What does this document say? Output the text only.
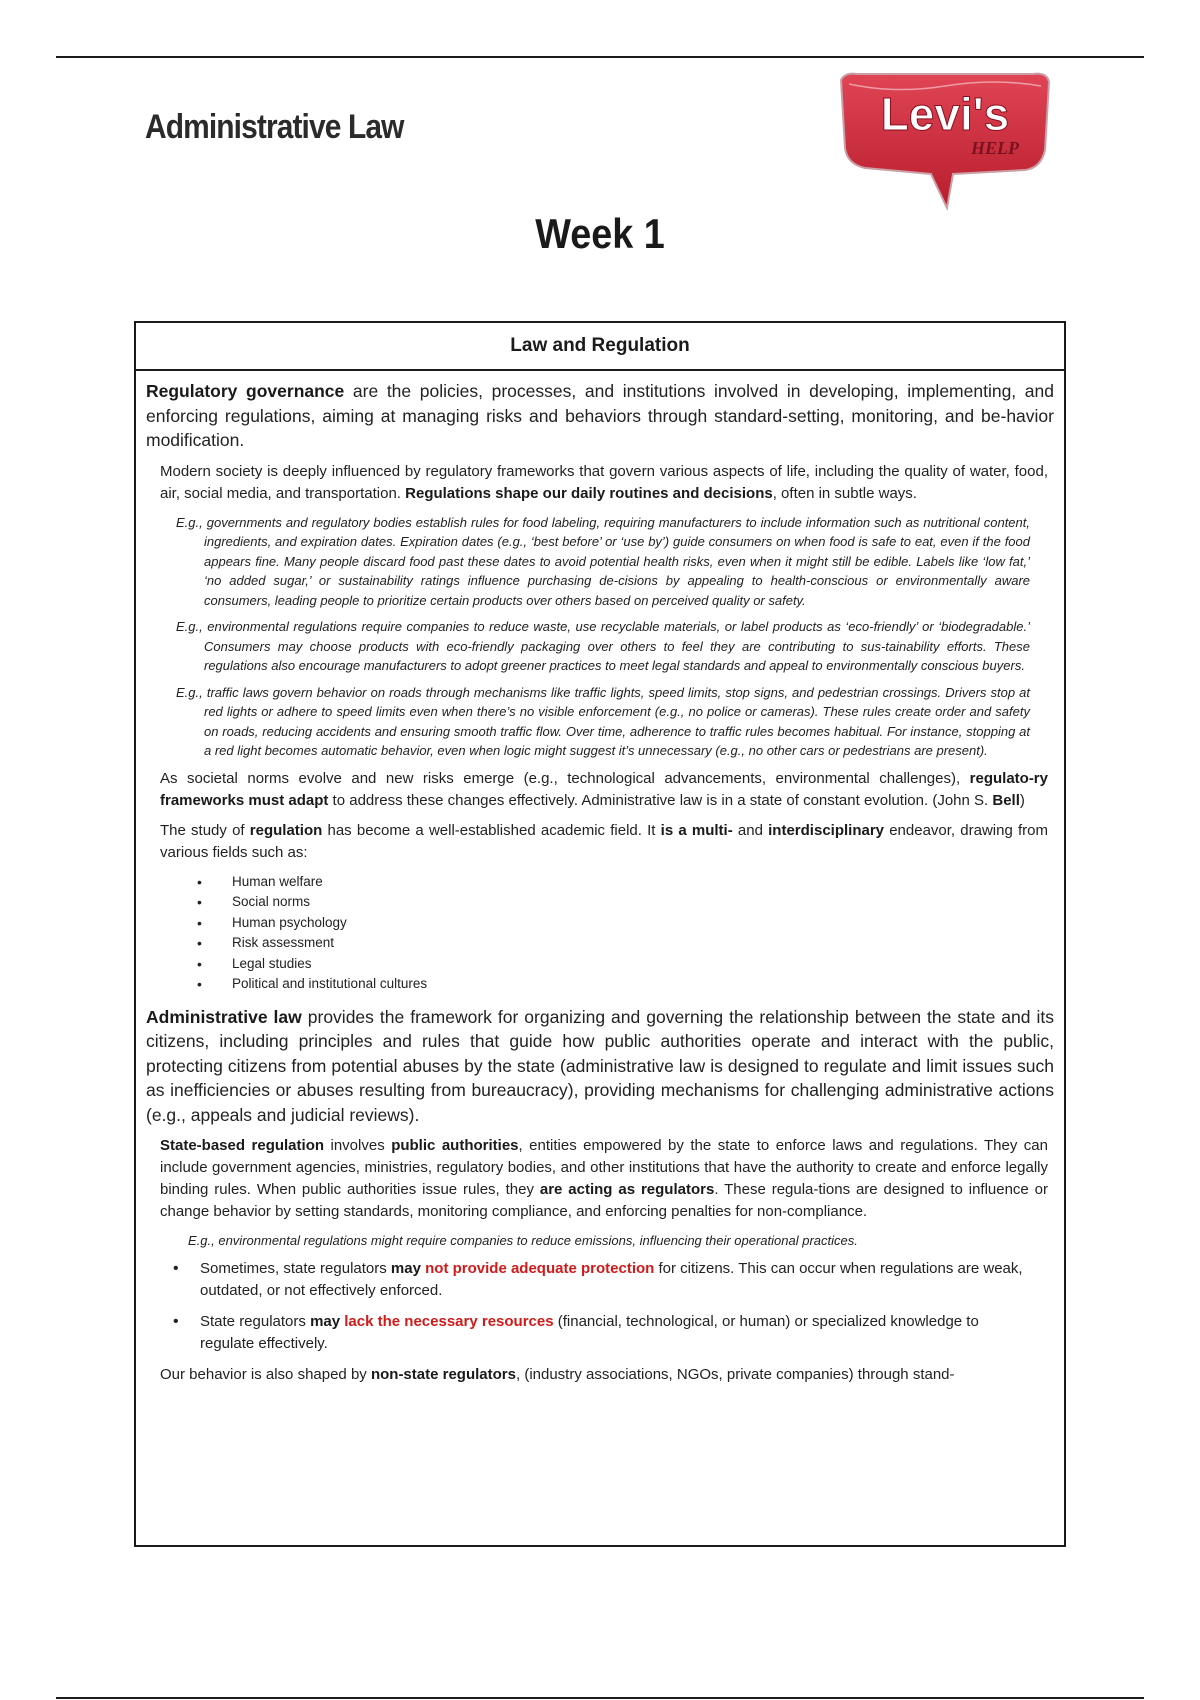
Administrative Law	Levi's
HELP
Week 1
Law and Regulation

Regulatory governance are the policies, processes, and institutions involved in developing, implementing, and enforcing regulations, aiming at managing risks and behaviors through standard-setting, monitoring, and be-havior modification.

Modern society is deeply influenced by regulatory frameworks that govern various aspects of life, including the quality of water, food, air, social media, and transportation. Regulations shape our daily routines and decisions, often in subtle ways.

E.g., governments and regulatory bodies establish rules for food labeling, requiring manufacturers to include information such as nutritional content, ingredients, and expiration dates. Expiration dates (e.g., ‘best before’ or ‘use by’) guide consumers on when food is safe to eat, even if the food appears fine. Many people discard food past these dates to avoid potential health risks, even when it might still be edible. Labels like ‘low fat,’ ‘no added sugar,’ or sustainability ratings influence purchasing de-cisions by appealing to health-conscious or environmentally aware consumers, leading people to prioritize certain products over others based on perceived quality or safety.

E.g., environmental regulations require companies to reduce waste, use recyclable materials, or label products as ‘eco-friendly’ or ‘biodegradable.’ Consumers may choose products with eco-friendly packaging over others to feel they are contributing to sus-tainability efforts. These regulations also encourage manufacturers to adopt greener practices to meet legal standards and appeal to environmentally conscious buyers.

E.g., traffic laws govern behavior on roads through mechanisms like traffic lights, speed limits, stop signs, and pedestrian crossings. Drivers stop at red lights or adhere to speed limits even when there’s no visible enforcement (e.g., no police or cameras). These rules create order and safety on roads, reducing accidents and ensuring smooth traffic flow. Over time, adherence to traffic rules becomes habitual. For instance, stopping at a red light becomes automatic behavior, even when logic might suggest it’s unnecessary (e.g., no other cars or pedestrians are present).

As societal norms evolve and new risks emerge (e.g., technological advancements, environmental challenges), regulato-ry frameworks must adapt to address these changes effectively. Administrative law is in a state of constant evolution. (John S. Bell)

The study of regulation has become a well-established academic field. It is a multi- and interdisciplinary endeavor, drawing from various fields such as:

• Human welfare
• Social norms
• Human psychology
• Risk assessment
• Legal studies
• Political and institutional cultures

Administrative law provides the framework for organizing and governing the relationship between the state and its citizens, including principles and rules that guide how public authorities operate and interact with the public, protecting citizens from potential abuses by the state (administrative law is designed to regulate and limit issues such as inefficiencies or abuses resulting from bureaucracy), providing mechanisms for challenging administrative actions (e.g., appeals and judicial reviews).

State-based regulation involves public authorities, entities empowered by the state to enforce laws and regulations. They can include government agencies, ministries, regulatory bodies, and other institutions that have the authority to create and enforce legally binding rules. When public authorities issue rules, they are acting as regulators. These regula-tions are designed to influence or change behavior by setting standards, monitoring compliance, and enforcing penalties for non-compliance.

E.g., environmental regulations might require companies to reduce emissions, influencing their operational practices.

• Sometimes, state regulators may not provide adequate protection for citizens. This can occur when regulations are weak, outdated, or not effectively enforced.
• State regulators may lack the necessary resources (financial, technological, or human) or specialized knowledge to regulate effectively.

Our behavior is also shaped by non-state regulators, (industry associations, NGOs, private companies) through stand-
